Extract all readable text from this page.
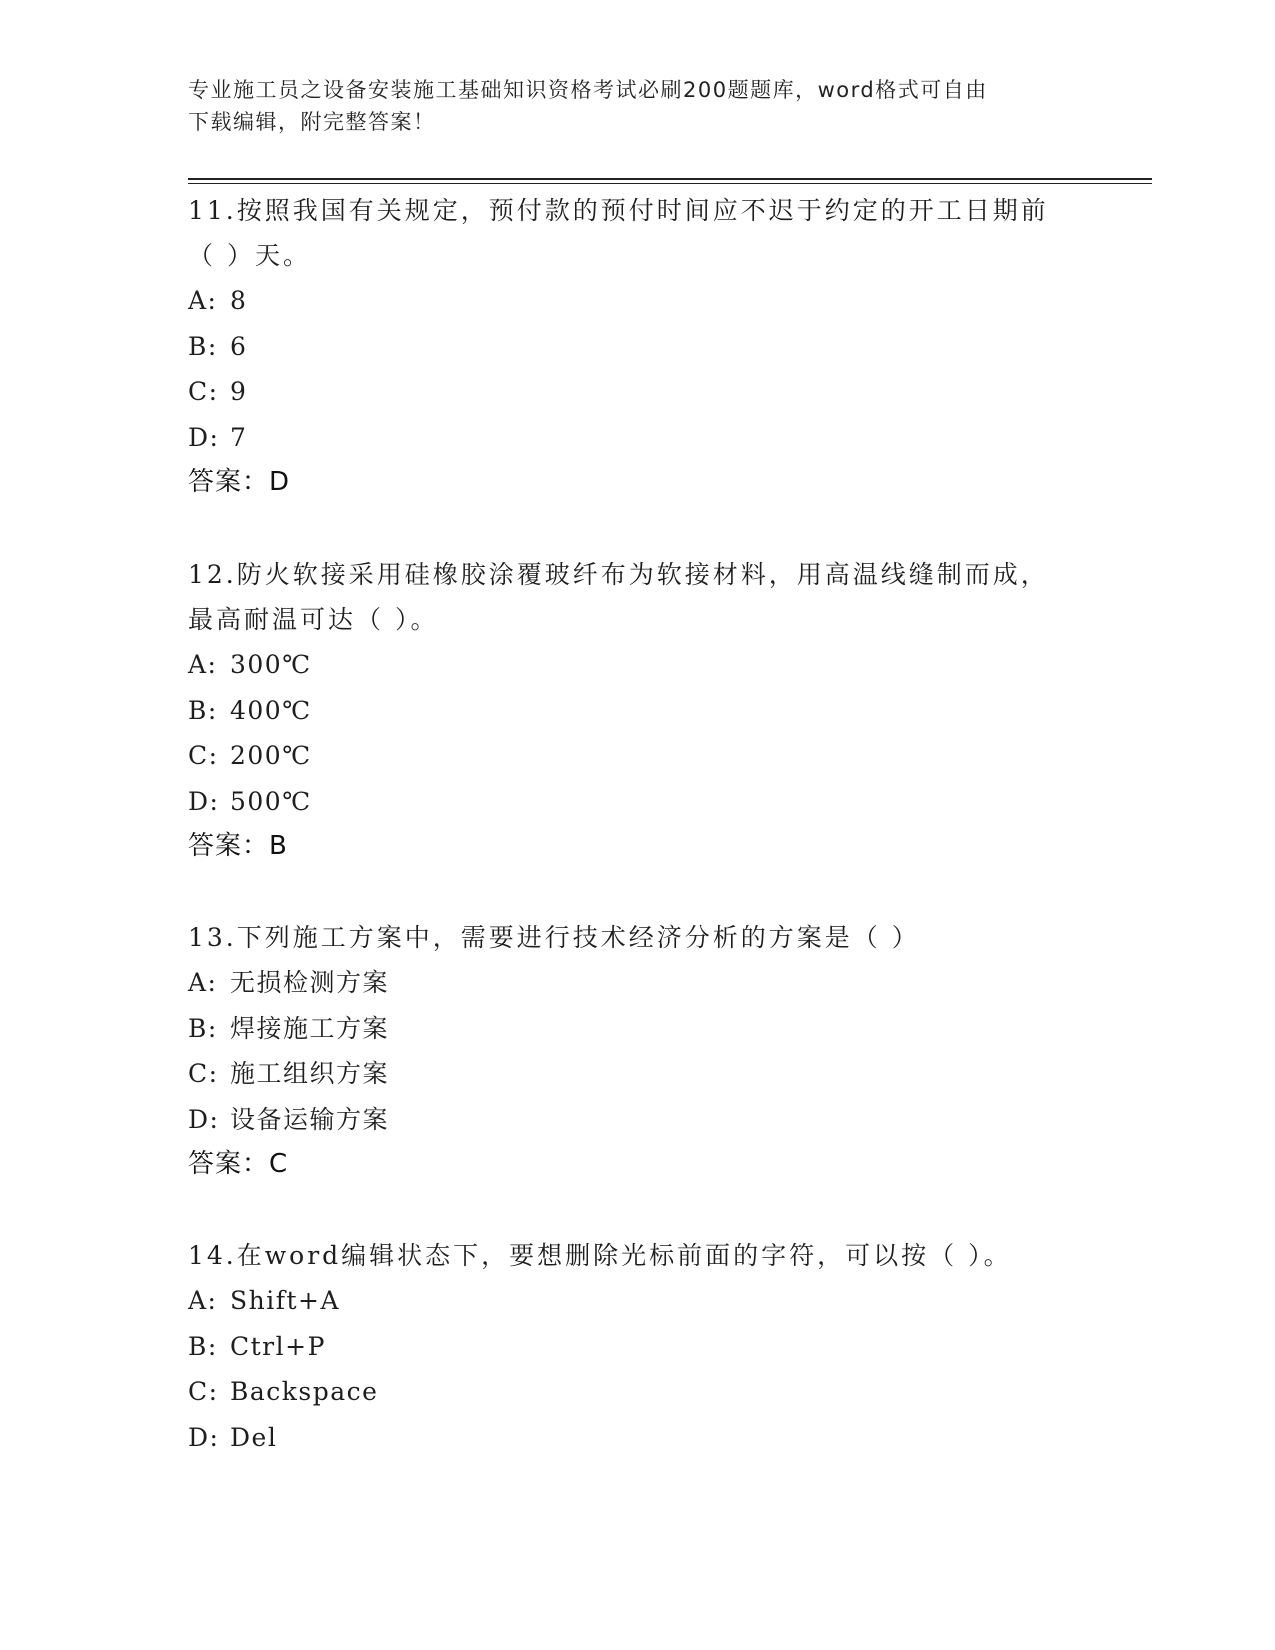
专业施工员之设备安装施工基础知识资格考试必刷200题题库，word格式可自由
下载编辑，附完整答案！
11.按照我国有关规定，预付款的预付时间应不迟于约定的开工日期前
（ ）天。
A: 8
B: 6
C: 9
D: 7
答案：D
12.防火软接采用硅橡胶涂覆玻纤布为软接材料，用高温线缝制而成，
最高耐温可达（ ）。
A: 300℃
B: 400℃
C: 200℃
D: 500℃
答案：B
13.下列施工方案中，需要进行技术经济分析的方案是（ ）
A: 无损检测方案
B: 焊接施工方案
C: 施工组织方案
D: 设备运输方案
答案：C
14.在word编辑状态下，要想删除光标前面的字符，可以按（ ）。
A: Shift+A
B: Ctrl+P
C: Backspace
D: Del
